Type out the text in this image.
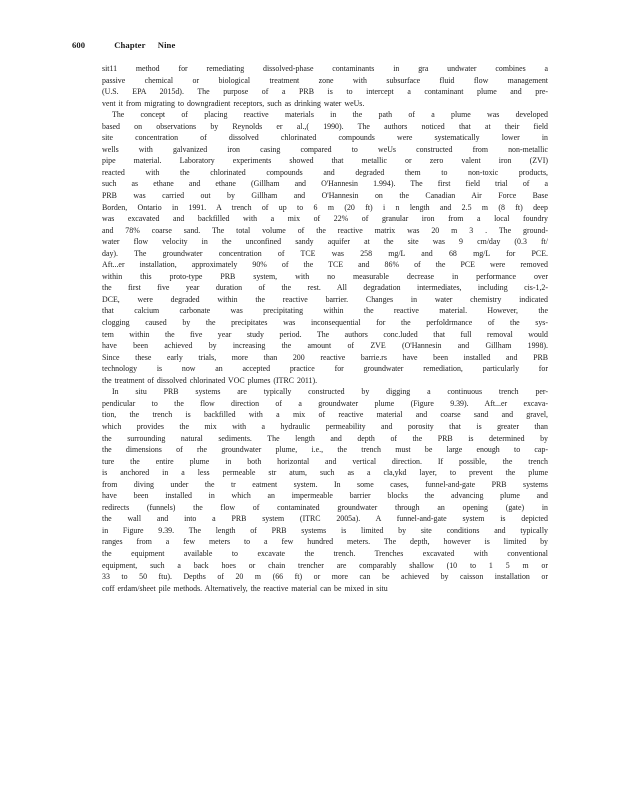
600	Chapter Nine
sit11 method for remediating dissolved-phase contaminants in gra undwater combines a
passive chemical or biological treatment zone with subsurface fluid flow management
(U.S. EPA 2015d). The purpose of a PRB is to intercept a contaminant plume and pre-
vent it from migrating to downgradient receptors, such as drinking water weUs.
The concept of placing reactive materials in the path of a plume was developed
based on observations by Reynolds er al.,( 1990). The authors noticed that at their field
site concentration of dissolved chlorinated compounds were systematically lower in
wells with galvanized iron casing compared to weUs constructed from non-metallic
pipe material. Laboratory experiments showed that metallic or zero valent iron (ZVI)
reacted with the chlorinated compounds and degraded them to non-toxic products,
such as ethane and ethane (Gillham and O'Hannesin 1.994). The first field trial of a
PRB was carried out by Gillham and O'Hannesin on the Canadian Air Force Base
Borden, Ontario in 1991. A trench of up to 6 m (20 ft) i n length and 2.5 m (8 ft) deep
was excavated and backfilled with a mix of 22% of granular iron from a local foundry
and 78% coarse sand. The total volume of the reactive matrix was 20 m 3 . The ground-
water flow velocity in the unconfined sandy aquifer at the site was 9 cm/day (0.3 ft/
day). The groundwater concentration of TCE was 258 mg/L and 68 mg/L for PCE.
Aft...er installation, approximately 90% of the TCE and 86% of the PCE were removed
within this proto-type PRB system, with no measurable decrease in performance over
the first five year duration of the rest. All degradation intermediates, including cis-1,2-
DCE, were degraded within the reactive barrier. Changes in water chemistry indicated
that calcium carbonate was precipitating within the reactive material. However, the
clogging caused by the precipitates was inconsequential for the perfoldrmance of the sys-
tem within the five year study period. The authors conc.luded that full removal would
have been achieved by increasing the amount of ZVE (O'Hannesin and Gillham 1998).
Since these early trials, more than 200 reactive barrie.rs have been installed and PRB
technology is now an accepted practice for groundwater remediation, particularly for
the treatment of dissolved chlorinated VOC plumes (ITRC 2011).
In situ PRB systems are typically constructed by digging a continuous trench per-
pendicular to the flow direction of a groundwater plume (Figure 9.39). Aft...er excava-
tion, the trench is backfilled with a mix of reactive material and coarse sand and gravel,
which provides the mix with a hydraulic permeability and porosity that is greater than
the surrounding natural sediments. The length and depth of the PRB is determined by
the dimensions of rhe groundwater plume, i.e., the trench must be large enough to cap-
ture the entire plume in both horizontal and vertical direction. If possible, the trench
is anchored in a less permeable str atum, such as a cla,ykd layer, to prevent the plume
from diving under the tr eatment system. In some cases, funnel-and-gate PRB systems
have been installed in which an impermeable barrier blocks the advancing plume and
redirects (funnels) the flow of contaminated groundwater through an opening (gate) in
the wall and into a PRB system (ITRC 2005a). A funnel-and-gate system is depicted
in Figure 9.39. The length of PRB systems is limited by site conditions and typically
ranges from a few meters to a few hundred meters. The depth, however is limited by
the equipment available to excavate the trench. Trenches excavated with conventional
equipment, such a back hoes or chain trencher are comparably shallow (10 to 1 5 m or
33 to 50 ftu). Depths of 20 m (66 ft) or more can be achieved by caisson installation or
coff erdam/sheet pile methods. Alternatively, the reactive material can be mixed in situ
